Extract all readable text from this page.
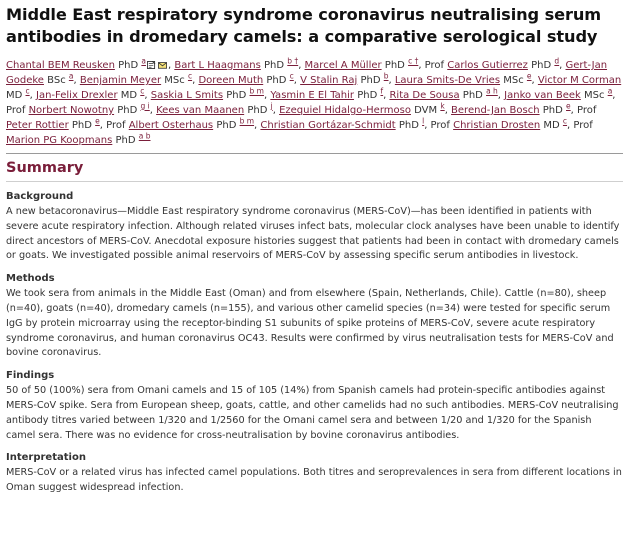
Middle East respiratory syndrome coronavirus neutralising serum antibodies in dromedary camels: a comparative serological study
Chantal BEM Reusken PhD $^a$ , Bart L Haagmans PhD $^{b \dagger}$, Marcel A Müller PhD $^{c \dagger}$, Prof Carlos Gutierrez PhD $^d$, Gert-Jan Godeke BSc $^a$, Benjamin Meyer MSc $^c$, Doreen Muth PhD $^c$, V Stalin Raj PhD $^b$, Laura Smits-De Vries MSc $^e$, Victor M Corman MD $^c$, Jan-Felix Drexler MD $^c$, Saskia L Smits PhD $^{b m}$, Yasmin E El Tahir PhD $^f$, Rita De Sousa PhD $^{a h}$, Janko van Beek MSc $^a$, Prof Norbert Nowotny PhD $^{g i}$, Kees van Maanen PhD $^j$, Ezequiel Hidalgo-Hermoso DVM $^k$, Berend-Jan Bosch PhD $^e$, Prof Peter Rottier PhD $^e$, Prof Albert Osterhaus PhD $^{b m}$, Christian Gortázar-Schmidt PhD $^l$, Prof Christian Drosten MD $^c$, Prof Marion PG Koopmans PhD $^{a b}$
Summary
Background

A new betacoronavirus—Middle East respiratory syndrome coronavirus (MERS-CoV)—has been identified in patients with severe acute respiratory infection. Although related viruses infect bats, molecular clock analyses have been unable to identify direct ancestors of MERS-CoV. Anecdotal exposure histories suggest that patients had been in contact with dromedary camels or goats. We investigated possible animal reservoirs of MERS-CoV by assessing specific serum antibodies in livestock.

Methods

We took sera from animals in the Middle East (Oman) and from elsewhere (Spain, Netherlands, Chile). Cattle (n=80), sheep (n=40), goats (n=40), dromedary camels (n=155), and various other camelid species (n=34) were tested for specific serum IgG by protein microarray using the receptor-binding S1 subunits of spike proteins of MERS-CoV, severe acute respiratory syndrome coronavirus, and human coronavirus OC43. Results were confirmed by virus neutralisation tests for MERS-CoV and bovine coronavirus.

Findings

50 of 50 (100%) sera from Omani camels and 15 of 105 (14%) from Spanish camels had protein-specific antibodies against MERS-CoV spike. Sera from European sheep, goats, cattle, and other camelids had no such antibodies. MERS-CoV neutralising antibody titres varied between 1/320 and 1/2560 for the Omani camel sera and between 1/20 and 1/320 for the Spanish camel sera. There was no evidence for cross-neutralisation by bovine coronavirus antibodies.

Interpretation

MERS-CoV or a related virus has infected camel populations. Both titres and seroprevalences in sera from different locations in Oman suggest widespread infection.
